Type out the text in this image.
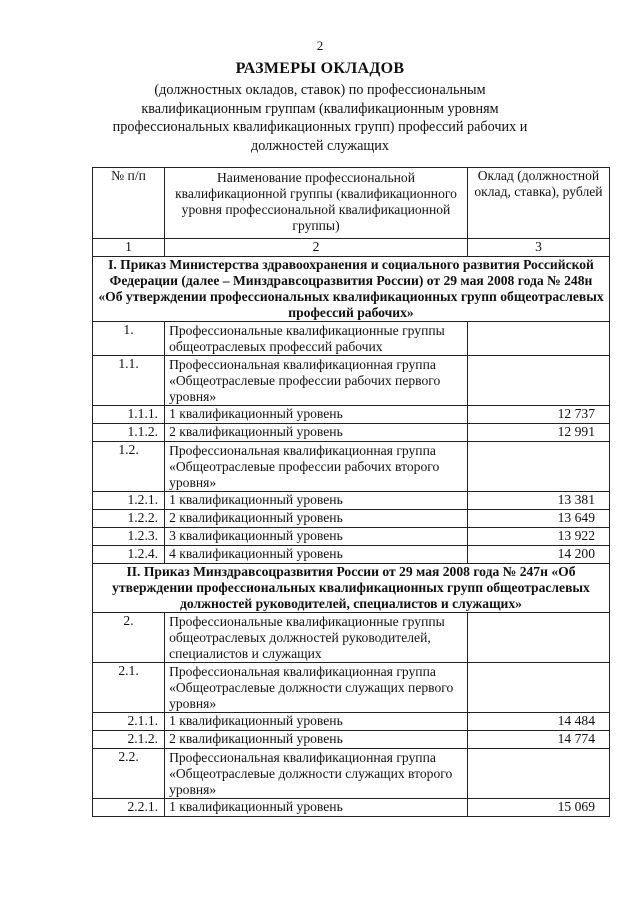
2
РАЗМЕРЫ ОКЛАДОВ
(должностных окладов, ставок) по профессиональным квалификационным группам (квалификационным уровням профессиональных квалификационных групп) профессий рабочих и должностей служащих
№ п/п	Наименование профессиональной квалификационной группы (квалификационного уровня профессиональной квалификационной группы)	Оклад (должностной оклад, ставка), рублей
1	2	3
I. Приказ Министерства здравоохранения и социального развития Российской Федерации (далее – Минздравсоцразвития России) от 29 мая 2008 года № 248н «Об утверждении профессиональных квалификационных групп общеотраслевых профессий рабочих»		
1.	Профессиональные квалификационные группы общеотраслевых профессий рабочих	
1.1.	Профессиональная квалификационная группа «Общеотраслевые профессии рабочих первого уровня»	
1.1.1.	1 квалификационный уровень	12 737
1.1.2.	2 квалификационный уровень	12 991
1.2.	Профессиональная квалификационная группа «Общеотраслевые профессии рабочих второго уровня»	
1.2.1.	1 квалификационный уровень	13 381
1.2.2.	2 квалификационный уровень	13 649
1.2.3.	3 квалификационный уровень	13 922
1.2.4.	4 квалификационный уровень	14 200
II. Приказ Минздравсоцразвития России от 29 мая 2008 года № 247н «Об утверждении профессиональных квалификационных групп общеотраслевых должностей руководителей, специалистов и служащих»		
2.	Профессиональные квалификационные группы общеотраслевых должностей руководителей, специалистов и служащих	
2.1.	Профессиональная квалификационная группа «Общеотраслевые должности служащих первого уровня»	
2.1.1.	1 квалификационный уровень	14 484
2.1.2.	2 квалификационный уровень	14 774
2.2.	Профессиональная квалификационная группа «Общеотраслевые должности служащих второго уровня»	
2.2.1.	1 квалификационный уровень	15 069
